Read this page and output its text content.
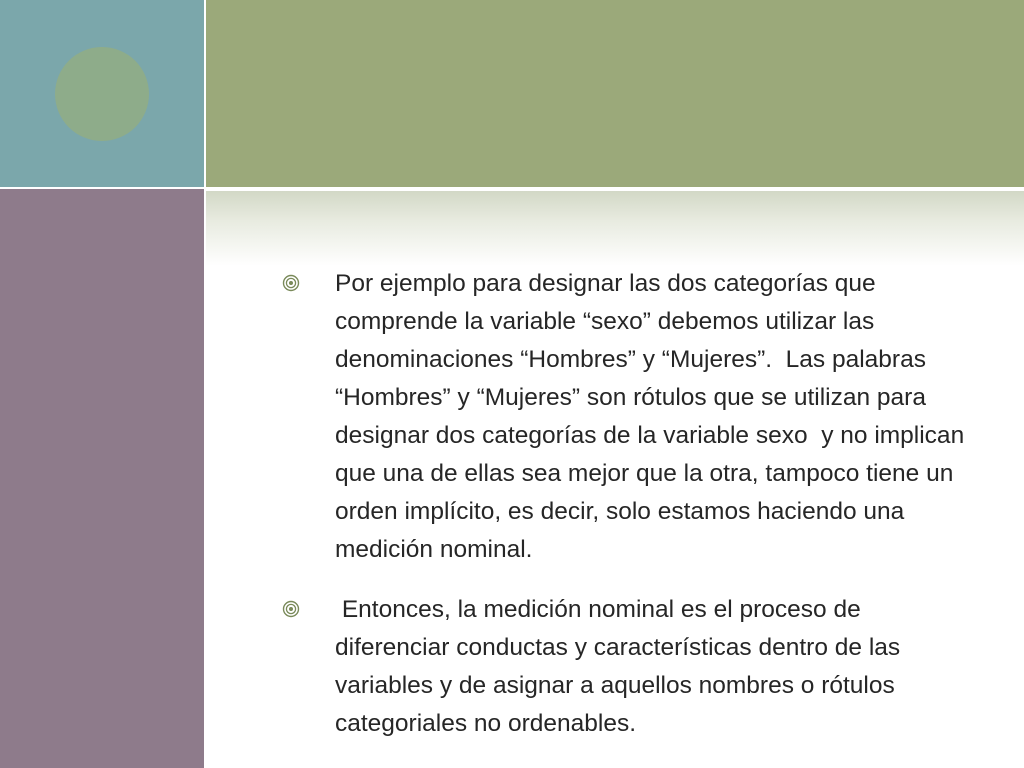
Por ejemplo para designar las dos categorías que comprende la variable “sexo” debemos utilizar las denominaciones “Hombres” y “Mujeres”.  Las palabras “Hombres” y “Mujeres” son rótulos que se utilizan para designar dos categorías de la variable sexo  y no implican que una de ellas sea mejor que la otra, tampoco tiene un orden implícito, es decir, solo estamos haciendo una medición nominal.
Entonces, la medición nominal es el proceso de diferenciar conductas y características dentro de las variables y de asignar a aquellos nombres o rótulos  categoriales no ordenables.
